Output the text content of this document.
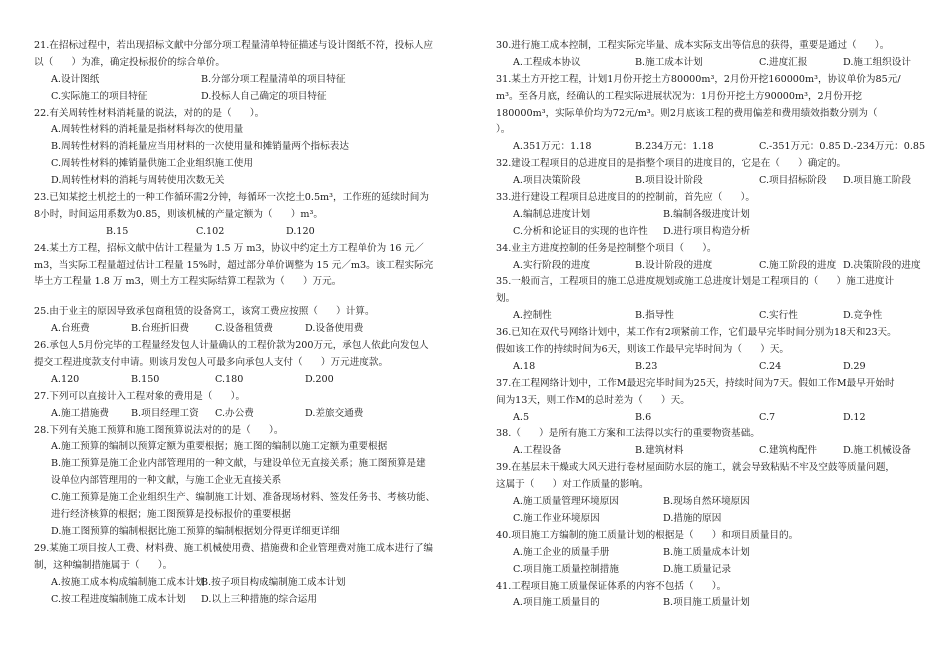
21.在招标过程中，若出现招标文献中分部分项工程量清单特征描述与设计图纸不符，投标人应
以（      ）为准，确定投标报价的综合单价。
A.设计图纸	B.分部分项工程量清单的项目特征
C.实际施工的项目特征	D.投标人自己确定的项目特征
22.有关周转性材料消耗量的说法，对的的是（      ）。
A.周转性材料的消耗量是指材料每次的使用量
B.周转性材料的消耗量应当用材料的一次使用量和摊销量两个指标表达
C.周转性材料的摊销量供施工企业组织施工使用
D.周转性材料的消耗与周转使用次数无关
23.已知某挖土机挖土的一种工作循环需2分钟，每循环一次挖土0.5m³，工作班的延续时间为
8小时，时间运用系数为0.85，则该机械的产量定额为（      ）m³。
B.15	C.102	D.120
24.某土方工程，招标文献中估计工程量为 1.5 万 m3，协议中约定土方工程单价为 16 元／
m3，当实际工程量超过估计工程量 15%时，超过部分单价调整为 15 元／m3。该工程实际完
毕土方工程量 1.8 万 m3，则土方工程实际结算工程款为（      ）万元。
25.由于业主的原因导致承包商租赁的设备窝工，该窝工费应按照（      ）计算。
A.台班费	B.台班折旧费	C.设备租赁费	D.设备使用费
26.承包人5月份完毕的工程量经发包人计量确认的工程价款为200万元，承包人依此向发包人
提交工程进度款支付申请。则该月发包人可最多向承包人支付（      ）万元进度款。
A.120	B.150	C.180	D.200
27.下列可以直接计入工程对象的费用是（      ）。
A.施工措施费 B.项目经理工资 C.办公费	D.差旅交通费
28.下列有关施工预算和施工图预算说法对的的是（      ）。
A.施工预算的编制以预算定额为重要根据；施工图的编制以施工定额为重要根据
B.施工预算是施工企业内部管理用的一种文献，与建设单位无直接关系；施工图预算是建
设单位内部管理用的一种文献，与施工企业无直接关系
C.施工预算是施工企业组织生产、编制施工计划、准备现场材料、签发任务书、考核功能、
进行经济核算的根据；施工图预算是投标报价的重要根据
D.施工图预算的编制根据比施工预算的编制根据划分得更详细更详细
29.某施工项目按人工费、材料费、施工机械使用费、措施费和企业管理费对施工成本进行了编
制，这种编制措施属于（      ）。
A.按施工成本构成编制施工成本计划
B.按子项目构成编制施工成本计划
C.按工程进度编制施工成本计划 D.以上三种措施的综合运用
30.进行施工成本控制，工程实际完毕量、成本实际支出等信息的获得，重要是通过（      ）。
A.工程成本协议	B.施工成本计划	C.进度汇报	D.施工组织设计
31.某土方开挖工程，计划1月份开挖土方80000m³，2月份开挖160000m³，协议单价为85元/
m³。至各月底，经确认的工程实际进展状况为：1月份开挖土方90000m³，2月份开挖
180000m³，实际单价均为72元/m³。则2月底该工程的费用偏差和费用绩效指数分别为（
）。
A.351万元：1.18	B.234万元：1.18	C.-351万元：0.85 D.-234万元：0.85
32.建设工程项目的总进度目的是指整个项目的进度目的，它是在（      ）确定的。
A.项目决策阶段	B.项目设计阶段	C.项目招标阶段 D.项目施工阶段
33.进行建设工程项目总进度目的的控制前，首先应（      ）。
A.编制总进度计划	B.编制各级进度计划
C.分析和论证目的实现的也许性 D.进行项目构造分析
34.业主方进度控制的任务是控制整个项目（      ）。
A.实行阶段的进度	B.设计阶段的进度	C.施工阶段的进度 D.决策阶段的进度
35.一般而言，工程项目的施工总进度规划或施工总进度计划是工程项目的（      ）施工进度计
划。
A.控制性	B.指导性	C.实行性	D.竞争性
36.已知在双代号网络计划中，某工作有2项紧前工作，它们最早完毕时间分别为18天和23天。
假如该工作的持续时间为6天，则该工作最早完毕时间为（      ）天。
A.18	B.23	C.24	D.29
37.在工程网络计划中，工作M最迟完毕时间为25天，持续时间为7天。假如工作M最早开始时
间为13天，则工作M的总时差为（      ）天。
A.5	B.6	C.7	D.12
38.（      ）是所有施工方案和工法得以实行的重要物资基础。
A.工程设备	B.建筑材料	C.建筑构配件	D.施工机械设备
39.在基层未干燥或大风天进行卷材屋面防水层的施工，就会导致粘贴不牢及空鼓等质量问题，
这属于（      ）对工作质量的影响。
A.施工质量管理环境原因	B.现场自然环境原因
C.施工作业环境原因	D.措施的原因
40.项目施工方编制的施工质量计划的根据是（      ）和项目质量目的。
A.施工企业的质量手册	B.施工质量成本计划
C.项目施工质量控制措施	D.施工质量记录
41.工程项目施工质量保证体系的内容不包括（      ）。
A.项目施工质量目的	B.项目施工质量计划
